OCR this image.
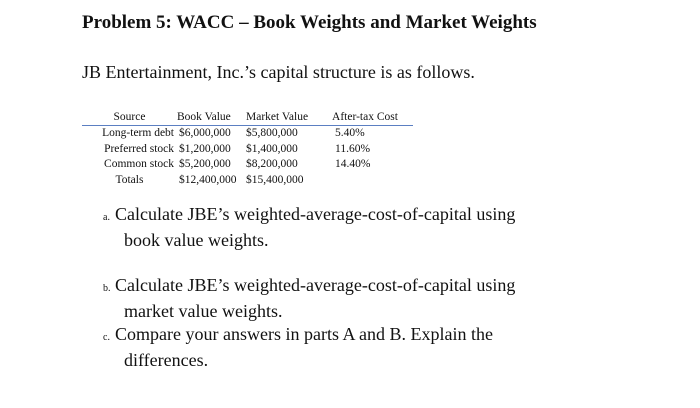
Problem 5: WACC – Book Weights and Market Weights
JB Entertainment, Inc.’s capital structure is as follows.
Source	Book Value	Market Value	After-tax Cost
Long-term debt	$6,000,000	$5,800,000	5.40%
Preferred stock	$1,200,000	$1,400,000	11.60%
Common stock	$5,200,000	$8,200,000	14.40%
Totals	$12,400,000	$15,400,000	
a. Calculate JBE’s weighted-average-cost-of-capital using
book value weights.
b. Calculate JBE’s weighted-average-cost-of-capital using
market value weights.
c. Compare your answers in parts A and B. Explain the
differences.
